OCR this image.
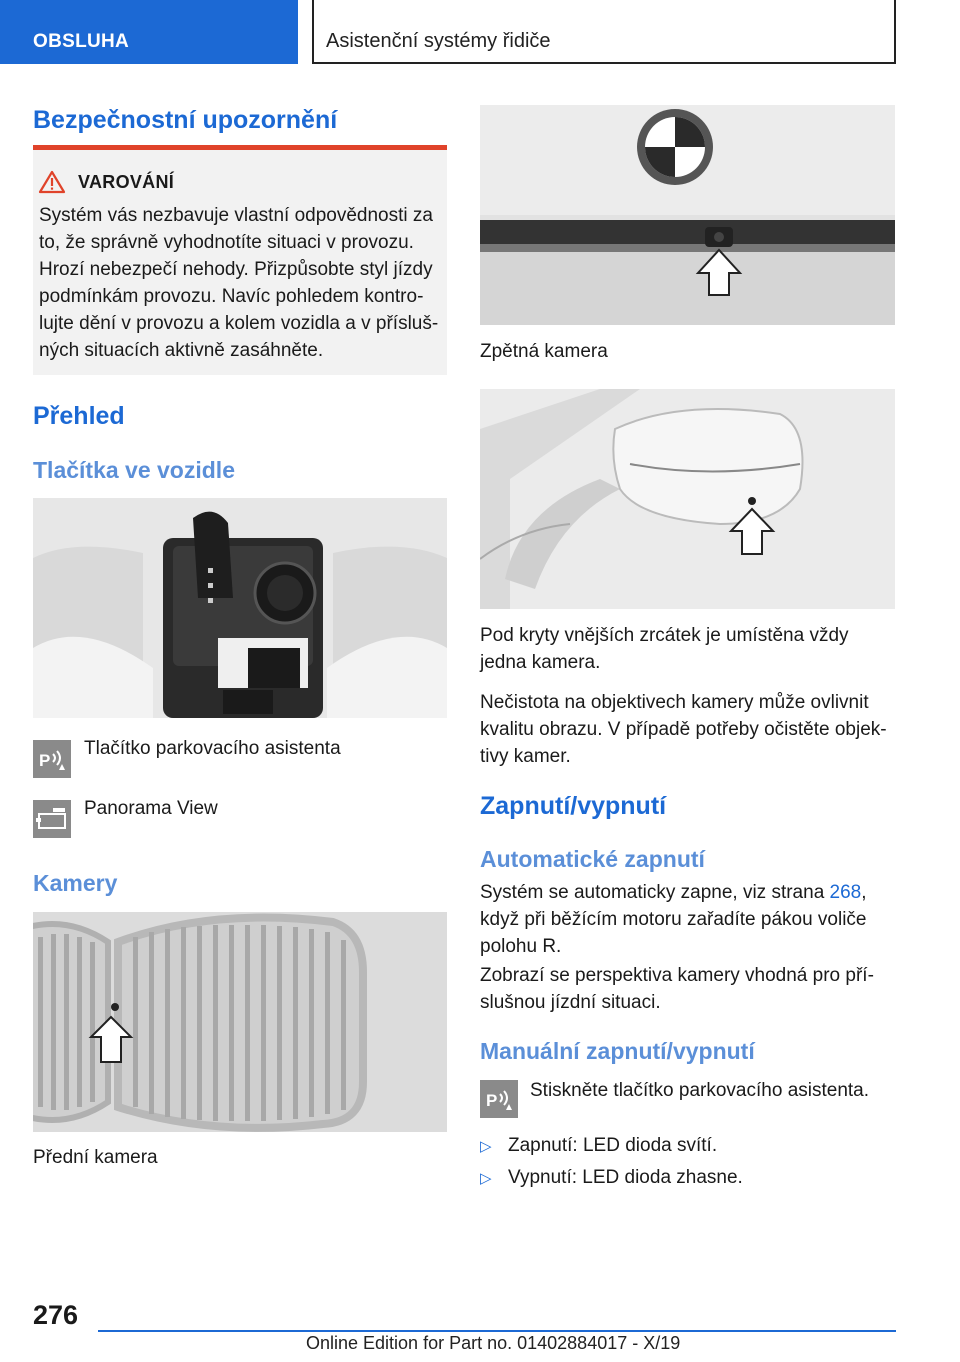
OBSLUHA	Asistenční systémy řidiče
Bezpečnostní upozornění
VAROVÁNÍ
Systém vás nezbavuje vlastní odpovědnosti za
to, že správně vyhodnotíte situaci v provozu.
Hrozí nebezpečí nehody. Přizpůsobte styl jízdy
podmínkám provozu. Navíc pohledem kontro-
lujte dění v provozu a kolem vozidla a v přísluš-
ných situacích aktivně zasáhněte.
Přehled
Tlačítka ve vozidle
P
Tlačítko parkovacího asistenta
Panorama View
Kamery
Přední kamera
Zpětná kamera
Pod kryty vnějších zrcátek je umístěna vždy
jedna kamera.
Nečistota na objektivech kamery může ovlivnit
kvalitu obrazu. V případě potřeby očistěte objek-
tivy kamer.
Zapnutí/vypnutí
Automatické zapnutí
Systém se automaticky zapne, viz strana 268,
když při běžícím motoru zařadíte pákou voliče
polohu R.
Zobrazí se perspektiva kamery vhodná pro pří-
slušnou jízdní situaci.
Manuální zapnutí/vypnutí
P Stiskněte tlačítko parkovacího asistenta.
▷ Zapnutí: LED dioda svítí.
▷ Vypnutí: LED dioda zhasne.
276
Online Edition for Part no. 01402884017 - X/19
